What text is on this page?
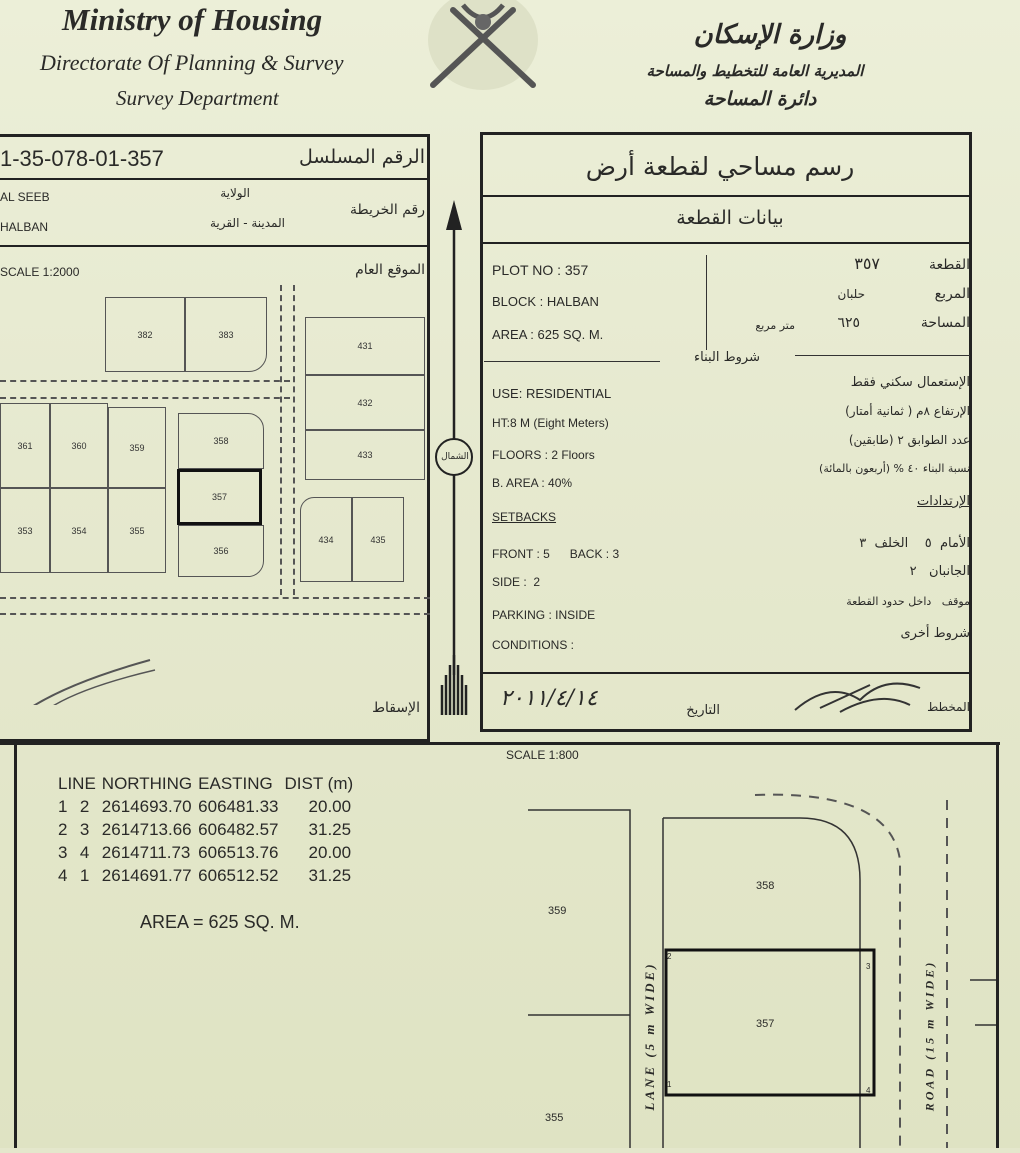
Ministry of Housing
Directorate Of Planning & Survey
Survey Department
وزارة الإسكان
المديرية العامة للتخطيط والمساحة
دائرة المساحة
1-35-078-01-357	الرقم المسلسل
AL SEEB	الولاية
رقم الخريطة
HALBAN	المدينة - القرية
SCALE 1:2000	الموقع العام
382	383
431
432
433
361	360	359
358
357
353	354	355
356
434	435
الإسقاط
الشمال
رسم مساحي لقطعة أرض
بيانات القطعة
PLOT NO : 357
BLOCK : HALBAN
AREA : 625 SQ. M.
القطعة
٣٥٧
المربع
حلبان
المساحة
٦٢٥
متر مربع
شروط البناء
USE: RESIDENTIAL
HT:8 M (Eight Meters)
FLOORS : 2 Floors
B. AREA : 40%
SETBACKS
FRONT : 5      BACK : 3
SIDE :  2
PARKING : INSIDE
CONDITIONS :
الإستعمال سكني فقط
الإرتفاع ٨م ( ثمانية أمتار)
عدد الطوابق ٢ (طابقين)
نسبة البناء ٤٠ % (أربعون بالمائة)
الإرتدادات
الأمام  ٥    الخلف  ٣
الجانبان   ٢
موقف   داخل حدود القطعة
شروط أخرى
٢٠١١/٤/١٤	التاريخ	المخطط
SCALE 1:800
LINE		NORTHING	EASTING	DIST (m)
1	2	2614693.70	606481.33	20.00
2	3	2614713.66	606482.57	31.25
3	4	2614711.73	606513.76	20.00
4	1	2614691.77	606512.52	31.25
AREA = 625 SQ. M.
358
359
357
355
1
2
3
4
LANE (5 m WIDE)	ROAD (15 m WIDE)
